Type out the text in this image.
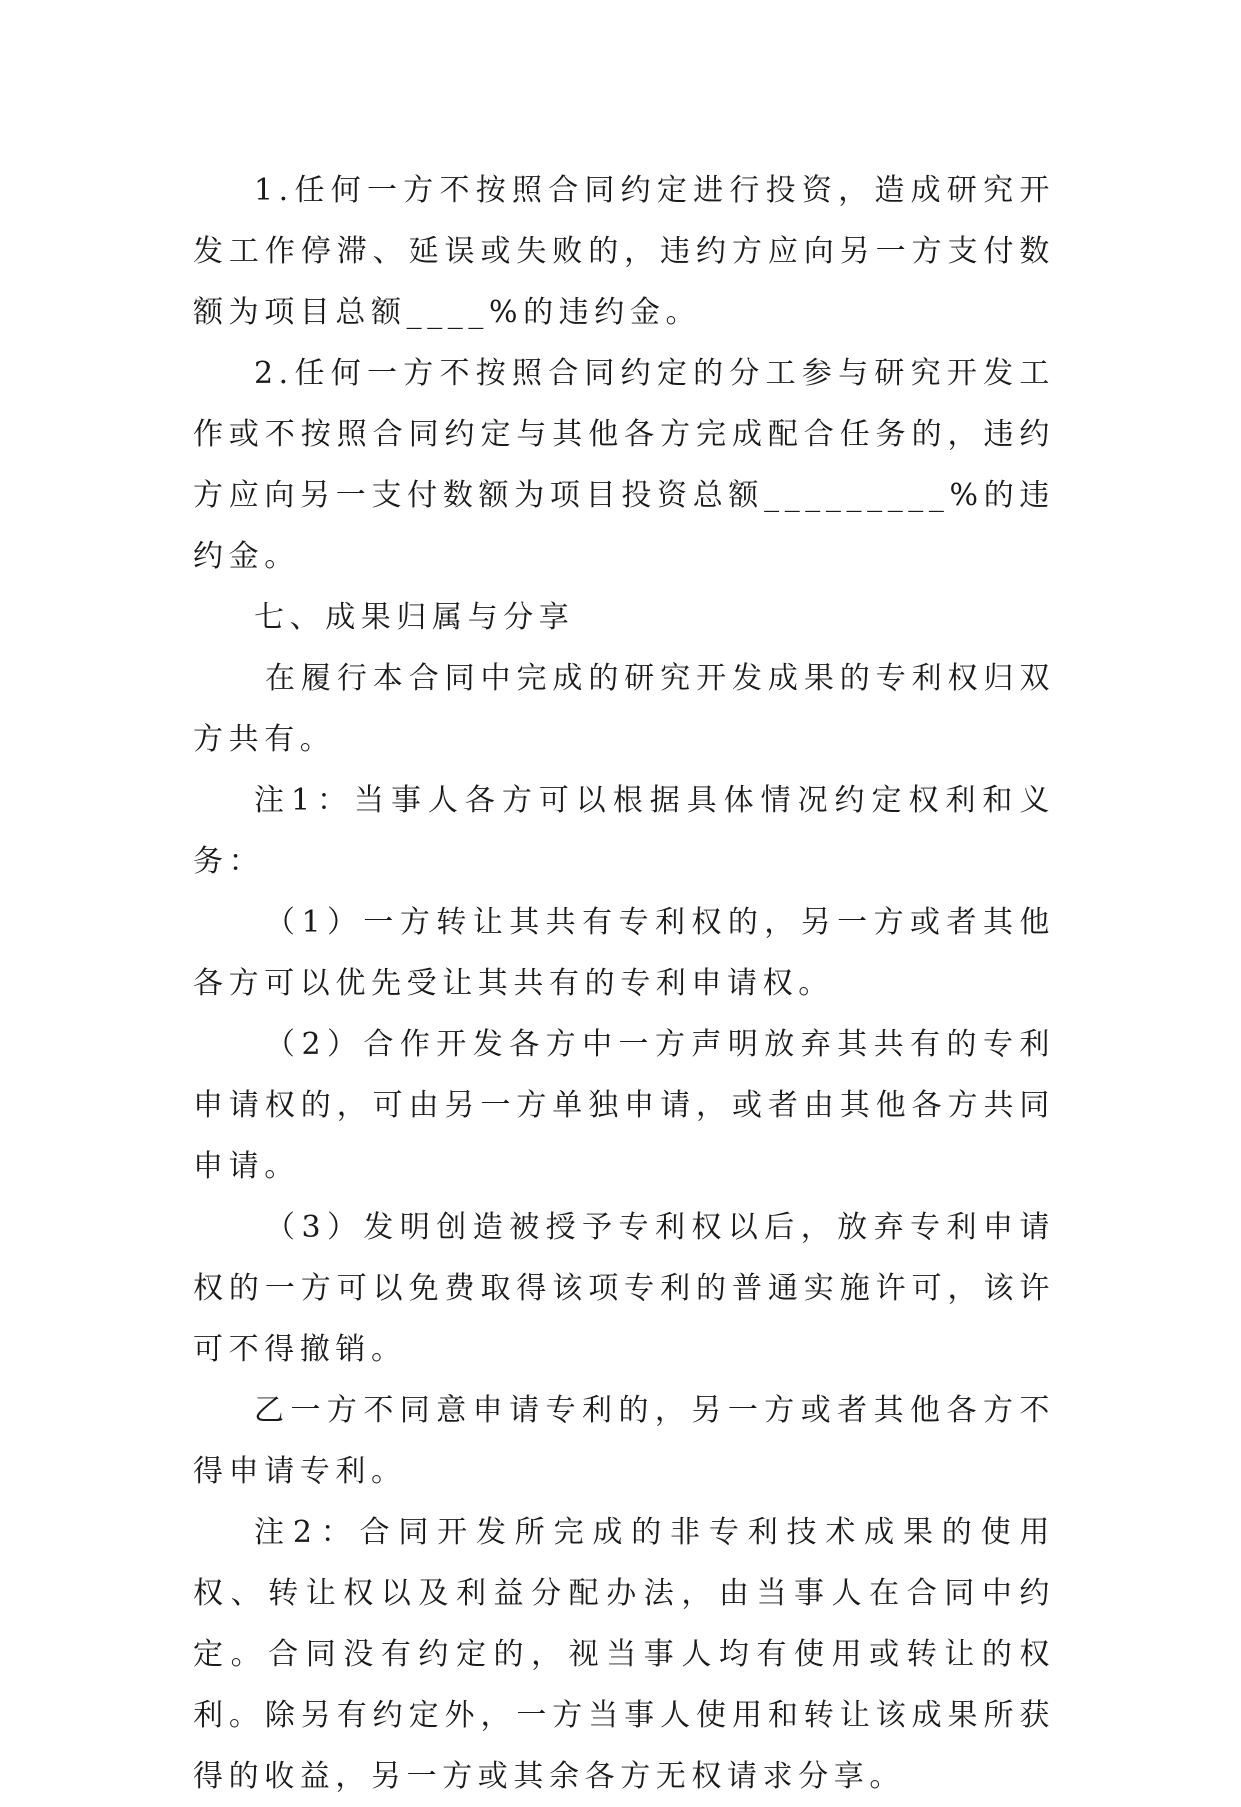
1.任何一方不按照合同约定进行投资，造成研究开发工作停滞、延误或失败的，违约方应向另一方支付数额为项目总额____%的违约金。

2.任何一方不按照合同约定的分工参与研究开发工作或不按照合同约定与其他各方完成配合任务的，违约方应向另一支付数额为项目投资总额_________%的违约金。

七、成果归属与分享

在履行本合同中完成的研究开发成果的专利权归双方共有。

注1：当事人各方可以根据具体情况约定权利和义务：

（1）一方转让其共有专利权的，另一方或者其他各方可以优先受让其共有的专利申请权。

（2）合作开发各方中一方声明放弃其共有的专利申请权的，可由另一方单独申请，或者由其他各方共同申请。

（3）发明创造被授予专利权以后，放弃专利申请权的一方可以免费取得该项专利的普通实施许可，该许可不得撤销。

乙一方不同意申请专利的，另一方或者其他各方不得申请专利。

注2：合同开发所完成的非专利技术成果的使用权、转让权以及利益分配办法，由当事人在合同中约定。合同没有约定的，视当事人均有使用或转让的权利。除另有约定外，一方当事人使用和转让该成果所获得的收益，另一方或其余各方无权请求分享。
